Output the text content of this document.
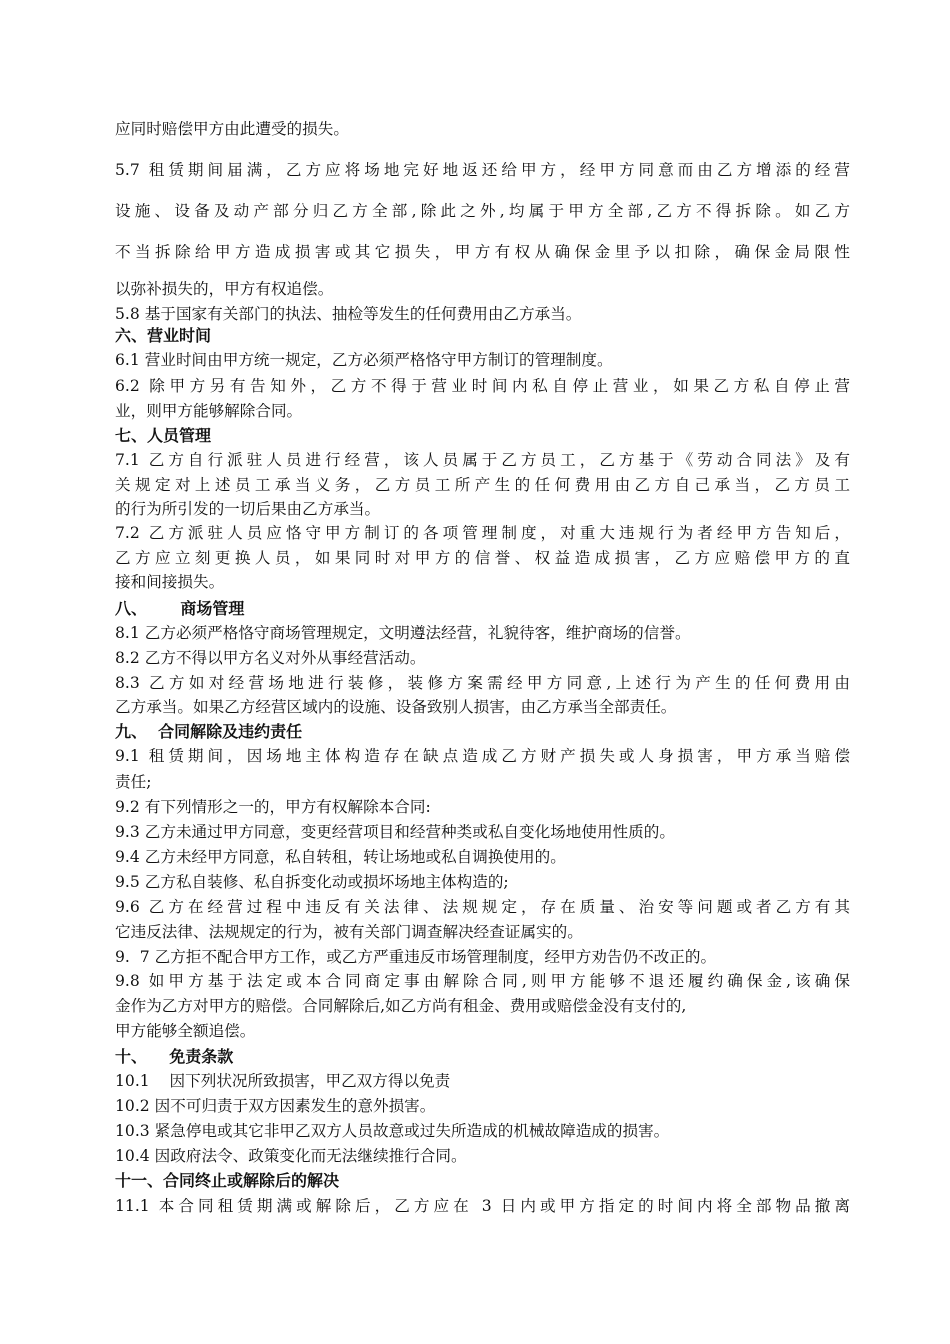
应同时赔偿甲方由此遭受的损失。
5.7 租赁期间届满，乙方应将场地完好地返还给甲方，经甲方同意而由乙方增添的经营
设施、设备及动产部分归乙方全部,除此之外,均属于甲方全部,乙方不得拆除。如乙方
不当拆除给甲方造成损害或其它损失，甲方有权从确保金里予以扣除，确保金局限性
以弥补损失的，甲方有权追偿。
5.8 基于国家有关部门的执法、抽检等发生的任何费用由乙方承当。
六、营业时间
6.1 营业时间由甲方统一规定，乙方必须严格恪守甲方制订的管理制度。
6.2 除甲方另有告知外，乙方不得于营业时间内私自停止营业，如果乙方私自停止营
业，则甲方能够解除合同。
七、人员管理
7.1 乙方自行派驻人员进行经营，该人员属于乙方员工，乙方基于《劳动合同法》及有
关规定对上述员工承当义务，乙方员工所产生的任何费用由乙方自己承当，乙方员工
的行为所引发的一切后果由乙方承当。
7.2 乙方派驻人员应恪守甲方制订的各项管理制度，对重大违规行为者经甲方告知后，
乙方应立刻更换人员，如果同时对甲方的信誉、权益造成损害，乙方应赔偿甲方的直
接和间接损失。
八、      商场管理
8.1 乙方必须严格恪守商场管理规定，文明遵法经营，礼貌待客，维护商场的信誉。
8.2 乙方不得以甲方名义对外从事经营活动。
8.3 乙方如对经营场地进行装修，装修方案需经甲方同意,上述行为产生的任何费用由
乙方承当。如果乙方经营区域内的设施、设备致别人损害，由乙方承当全部责任。
九、  合同解除及违约责任
9.1 租赁期间，因场地主体构造存在缺点造成乙方财产损失或人身损害，甲方承当赔偿
责任;
9.2 有下列情形之一的，甲方有权解除本合同:
9.3 乙方未通过甲方同意，变更经营项目和经营种类或私自变化场地使用性质的。
9.4 乙方未经甲方同意，私自转租，转让场地或私自调换使用的。
9.5 乙方私自装修、私自拆变化动或损坏场地主体构造的;
9.6 乙方在经营过程中违反有关法律、法规规定，存在质量、治安等问题或者乙方有其
它违反法律、法规规定的行为，被有关部门调查解决经查证属实的。
9.  7 乙方拒不配合甲方工作，或乙方严重违反市场管理制度，经甲方劝告仍不改正的。
9.8 如甲方基于法定或本合同商定事由解除合同,则甲方能够不退还履约确保金,该确保
金作为乙方对甲方的赔偿。合同解除后,如乙方尚有租金、费用或赔偿金没有支付的,
甲方能够全额追偿。
十、    免责条款
10.1    因下列状况所致损害，甲乙双方得以免责
10.2 因不可归责于双方因素发生的意外损害。
10.3 紧急停电或其它非甲乙双方人员故意或过失所造成的机械故障造成的损害。
10.4 因政府法令、政策变化而无法继续推行合同。
十一、合同终止或解除后的解决
11.1 本合同租赁期满或解除后，乙方应在 3 日内或甲方指定的时间内将全部物品撤离
